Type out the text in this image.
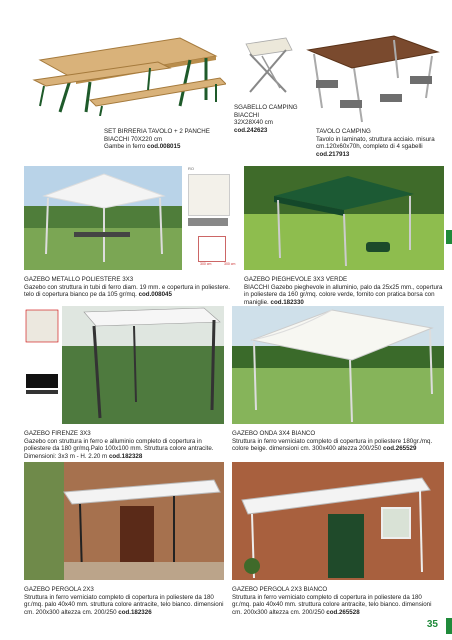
SET BIRRERIA TAVOLO + 2 PANCHE
BIACCHI 70X220 cm
Gambe in ferro cod.008015
SGABELLO CAMPING
BIACCHI
32X28X40 cm
cod.242623	TAVOLO CAMPING
Tavolo in laminato, struttura acciaio. misura cm.120x60x70h, completo di 4 sgabelli cod.217913
RO
300 cm	300 cm
GAZEBO METALLO POLIESTERE 3X3
Gazebo con struttura in tubi di ferro diam. 19 mm. e copertura in poliestere. telo di copertura bianco pe da 105 gr/mq. cod.008045
GAZEBO PIEGHEVOLE 3X3 VERDE
BIACCHI Gazebo pieghevole in alluminio, palo da 25x25 mm., copertura in poliestere da 160 gr/mq. colore verde, fornito con pratica borsa con maniglie. cod.182330
GAZEBO FIRENZE 3X3
Gazebo con struttura in ferro e alluminio completo di copertura in poliestere da 180 gr/mq.Palo 100x100 mm. Struttura colore antracite. Dimensioni: 3x3 m - H. 2.20 m cod.182328
GAZEBO ONDA 3X4 BIANCO
Struttura in ferro verniciato completo di copertura in poliestere 180gr./mq. colore beige. dimensioni cm. 300x400 altezza 200/250 cod.265529
GAZEBO PERGOLA 2X3
Struttura in ferro verniciato completo di copertura in poliestere da 180 gr./mq. palo 40x40 mm. struttura colore antracite, telo bianco. dimensioni cm. 200x300 altezza cm. 200/250 cod.182326
GAZEBO PERGOLA 2X3 BIANCO
Struttura in ferro verniciato completo di copertura in poliestere da 180 gr./mq. palo 40x40 mm. struttura colore antracite, telo bianco. dimensioni cm. 200x300 altezza cm. 200/250 cod.265528
35
